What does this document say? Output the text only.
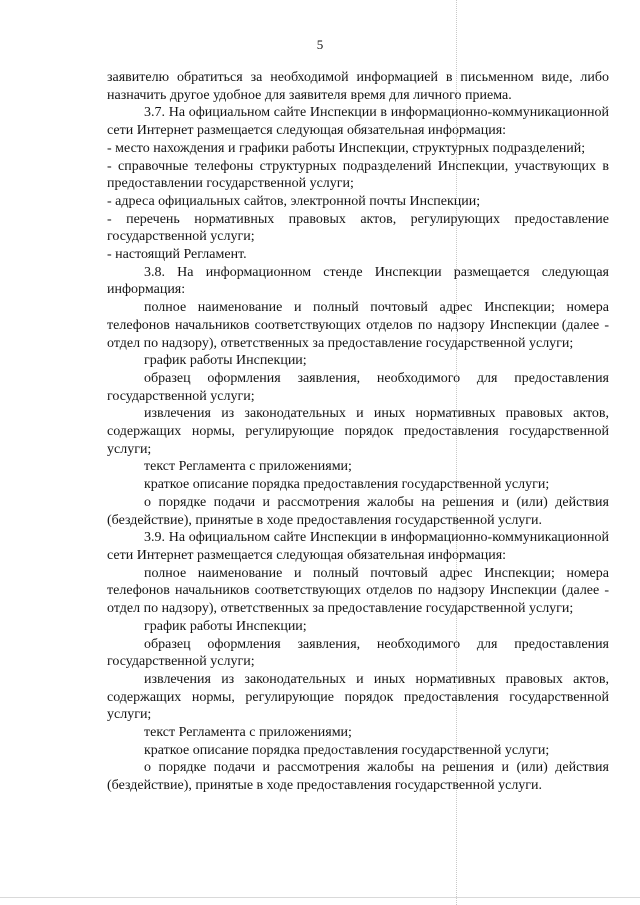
5

заявителю обратиться за необходимой информацией в письменном виде, либо назначить другое удобное для заявителя время для личного приема.

3.7. На официальном сайте Инспекции в информационно-коммуникационной сети Интернет размещается следующая обязательная информация:

- место нахождения и графики работы Инспекции, структурных подразделений;

- справочные телефоны структурных подразделений Инспекции, участвующих в предоставлении государственной услуги;

- адреса официальных сайтов, электронной почты Инспекции;

- перечень нормативных правовых актов, регулирующих предоставление государственной услуги;

- настоящий Регламент.

3.8. На информационном стенде Инспекции размещается следующая информация:

полное наименование и полный почтовый адрес Инспекции; номера телефонов начальников соответствующих отделов по надзору Инспекции (далее - отдел по надзору), ответственных за предоставление государственной услуги;

график работы Инспекции;

образец оформления заявления, необходимого для предоставления государственной услуги;

извлечения из законодательных и иных нормативных правовых актов, содержащих нормы, регулирующие порядок предоставления государственной услуги;

текст Регламента с приложениями;

краткое описание порядка предоставления государственной услуги;

о порядке подачи и рассмотрения жалобы на решения и (или) действия (бездействие), принятые в ходе предоставления государственной услуги.

3.9. На официальном сайте Инспекции в информационно-коммуникационной сети Интернет размещается следующая обязательная информация:

полное наименование и полный почтовый адрес Инспекции; номера телефонов начальников соответствующих отделов по надзору Инспекции (далее - отдел по надзору), ответственных за предоставление государственной услуги;

график работы Инспекции;

образец оформления заявления, необходимого для предоставления государственной услуги;

извлечения из законодательных и иных нормативных правовых актов, содержащих нормы, регулирующие порядок предоставления государственной услуги;

текст Регламента с приложениями;

краткое описание порядка предоставления государственной услуги;

о порядке подачи и рассмотрения жалобы на решения и (или) действия (бездействие), принятые в ходе предоставления государственной услуги.
